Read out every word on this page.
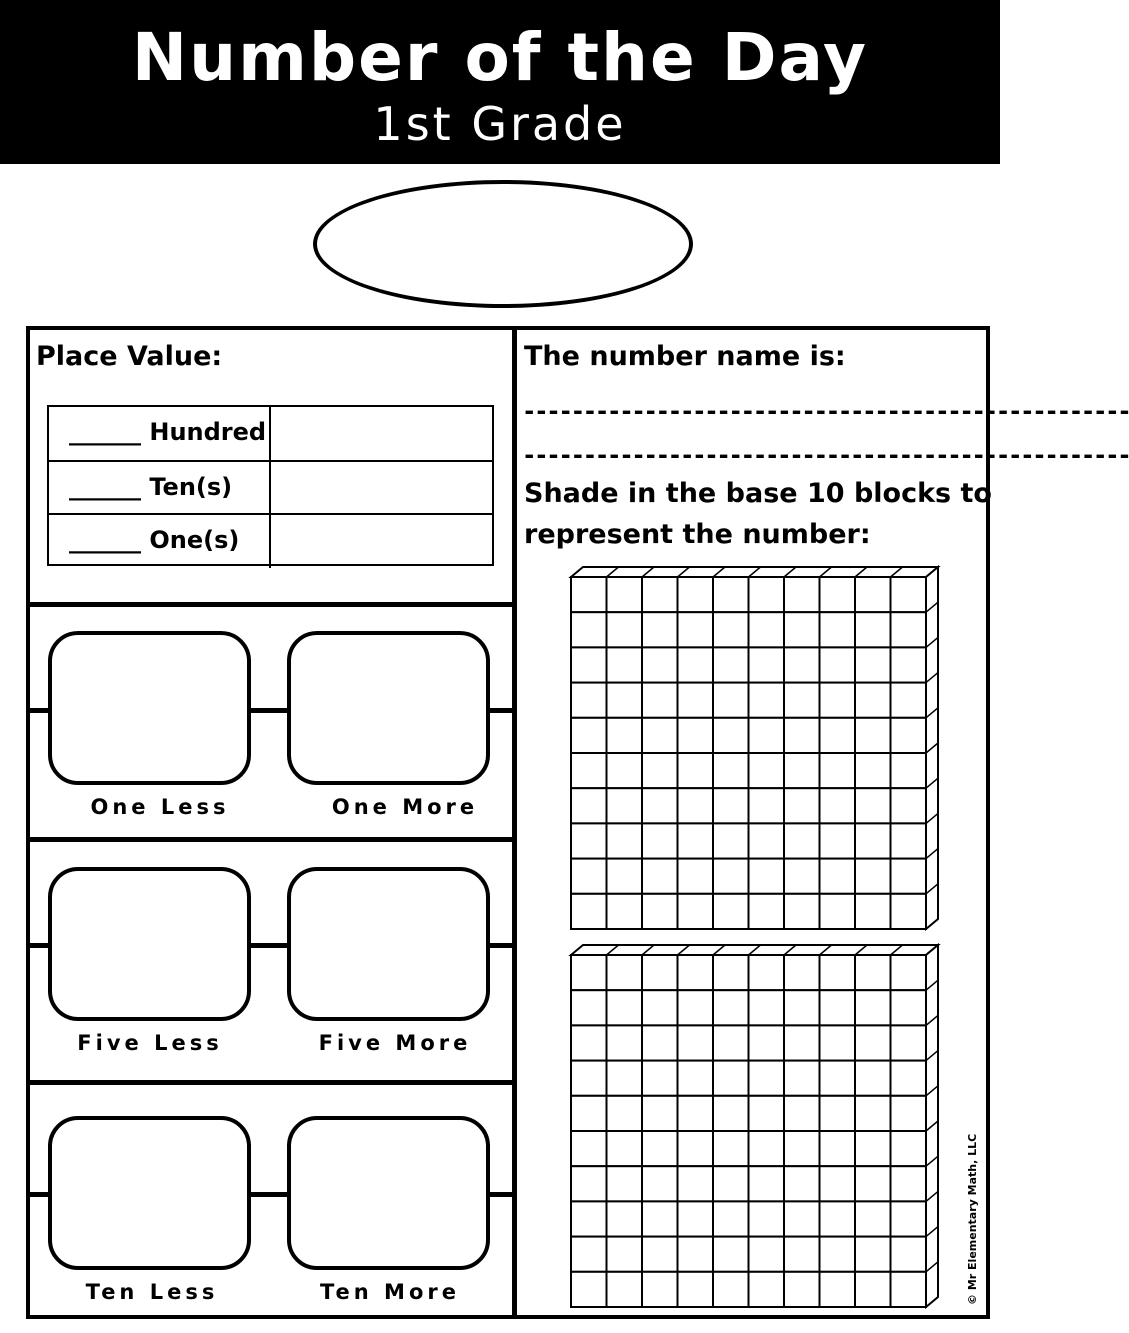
Number of the Day
1st Grade
Place Value:
______ Hundred
______ Ten(s)
______ One(s)
One Less	One More
Five Less	Five More
Ten Less	Ten More
The number name is:
--------------------------------------------------
--------------------------------------------------
Shade in the base 10 blocks to
represent the number:
© Mr Elementary Math, LLC
